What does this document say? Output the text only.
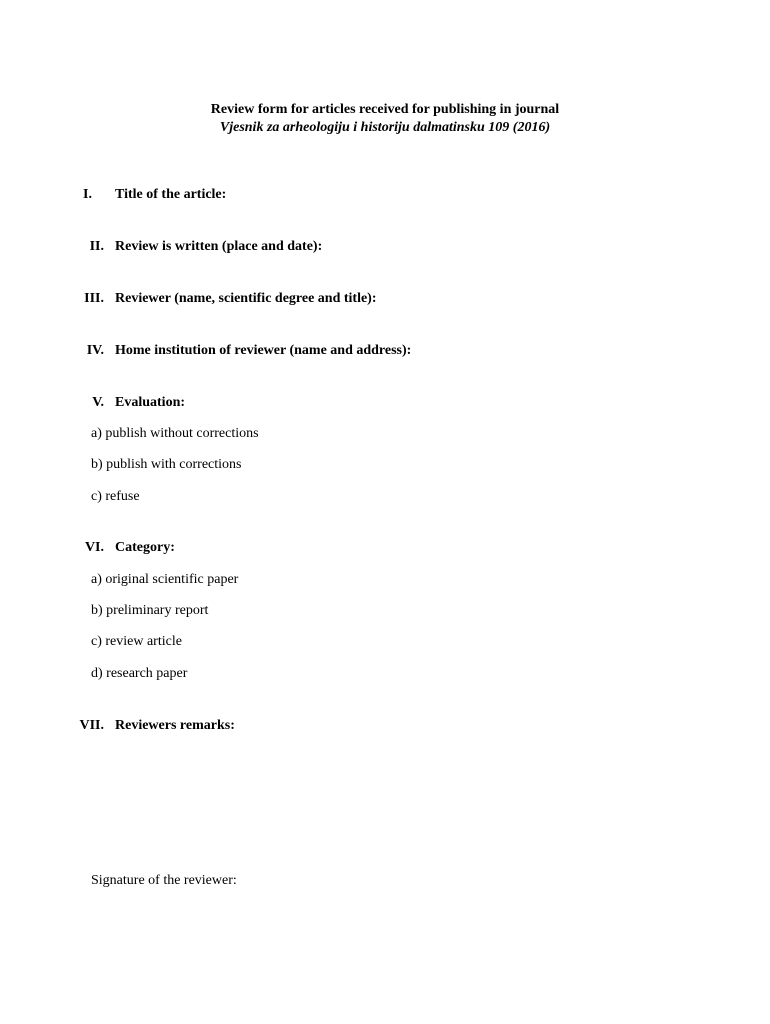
Review form for articles received for publishing in journal
Vjesnik za arheologiju i historiju dalmatinsku 109 (2016)
I. Title of the article:
II. Review is written (place and date):
III. Reviewer (name, scientific degree and title):
IV. Home institution of reviewer (name and address):
V. Evaluation:
a) publish without corrections
b) publish with corrections
c) refuse
VI. Category:
a) original scientific paper
b) preliminary report
c) review article
d) research paper
VII. Reviewers remarks:
Signature of the reviewer:
